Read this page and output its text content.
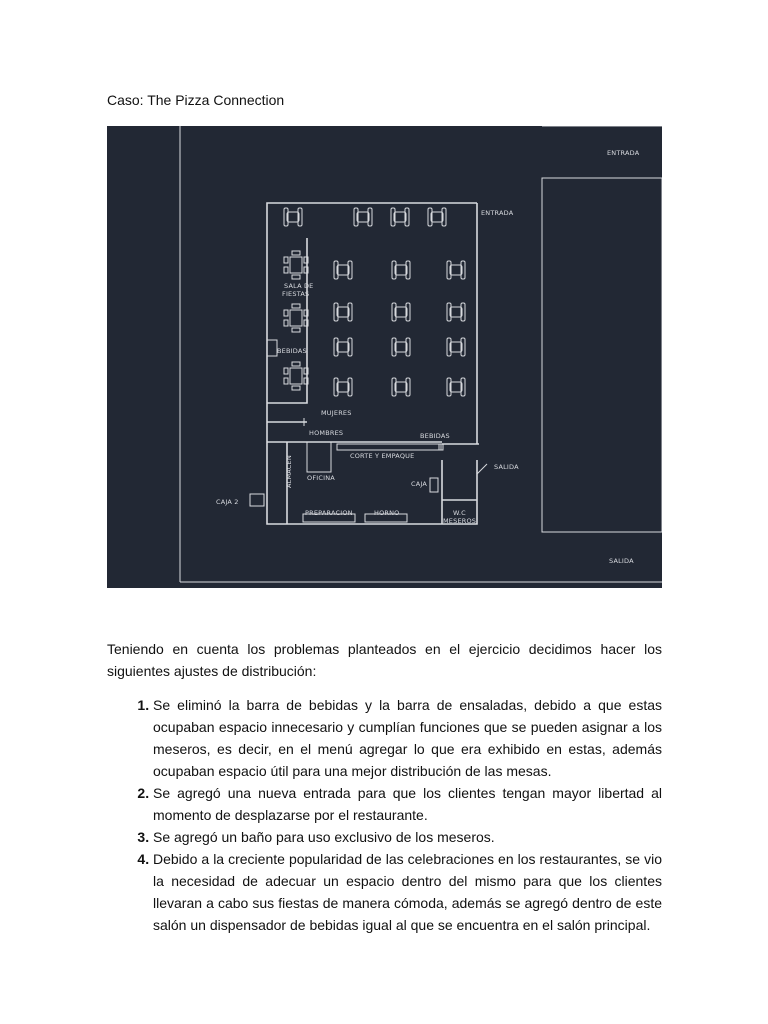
Caso: The Pizza Connection
ENTRADA
ENTRADA
SALA DE
FIESTAS
BEBIDAS
MUJERES
HOMBRES	BEBIDAS
CORTE Y EMPAQUE
ALMACEN OFICINA
CAJA
CAJA 2
SALIDA
SALIDA
PREPARACION	HORNO	W.C
MESEROS

Teniendo en cuenta los problemas planteados en el ejercicio decidimos hacer los siguientes ajustes de distribución:

1. Se eliminó la barra de bebidas y la barra de ensaladas, debido a que estas ocupaban espacio innecesario y cumplían funciones que se pueden asignar a los meseros, es decir, en el menú agregar lo que era exhibido en estas, además ocupaban espacio útil para una mejor distribución de las mesas.
2. Se agregó una nueva entrada para que los clientes tengan mayor libertad al momento de desplazarse por el restaurante.
3. Se agregó un baño para uso exclusivo de los meseros.
4. Debido a la creciente popularidad de las celebraciones en los restaurantes, se vio la necesidad de adecuar un espacio dentro del mismo para que los clientes llevaran a cabo sus fiestas de manera cómoda, además se agregó dentro de este salón un dispensador de bebidas igual al que se encuentra en el salón principal.
